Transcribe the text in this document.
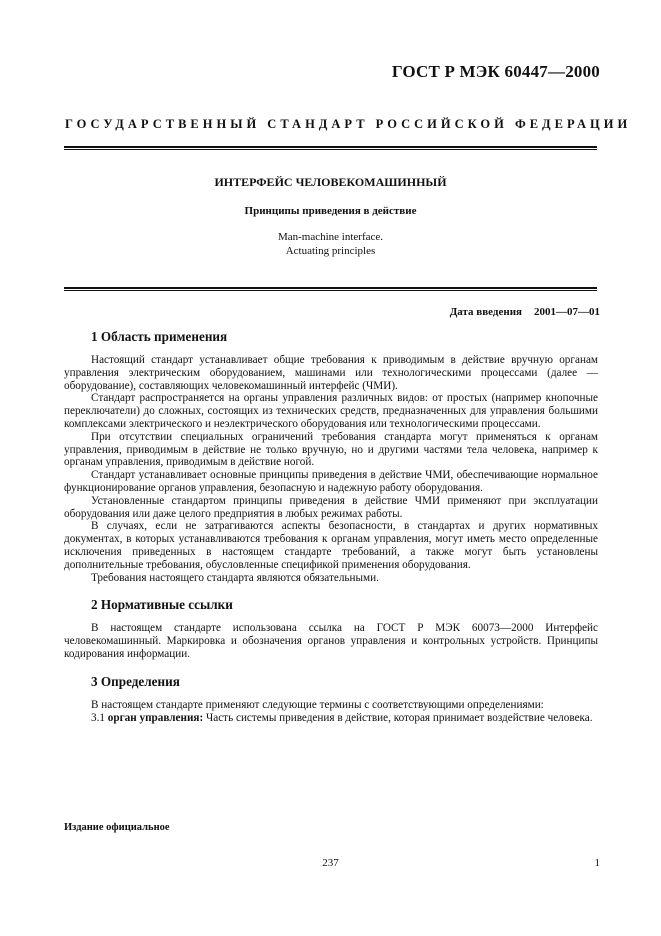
ГОСТ Р МЭК 60447—2000
ГОСУДАРСТВЕННЫЙ СТАНДАРТ РОССИЙСКОЙ ФЕДЕРАЦИИ
ИНТЕРФЕЙС ЧЕЛОВЕКОМАШИННЫЙ
Принципы приведения в действие
Man-machine interface.
Actuating principles
Дата введения 2001—07—01
1 Область применения

Настоящий стандарт устанавливает общие требования к приводимым в действие вручную органам управления электрическим оборудованием, машинами или технологическими процессами (далее — оборудование), составляющих человекомашинный интерфейс (ЧМИ).

Стандарт распространяется на органы управления различных видов: от простых (например кнопочные переключатели) до сложных, состоящих из технических средств, предназначенных для управления большими комплексами электрического и неэлектрического оборудования или технологическими процессами.

При отсутствии специальных ограничений требования стандарта могут применяться к органам управления, приводимым в действие не только вручную, но и другими частями тела человека, например к органам управления, приводимым в действие ногой.

Стандарт устанавливает основные принципы приведения в действие ЧМИ, обеспечивающие нормальное функционирование органов управления, безопасную и надежную работу оборудования.

Установленные стандартом принципы приведения в действие ЧМИ применяют при эксплуатации оборудования или даже целого предприятия в любых режимах работы.

В случаях, если не затрагиваются аспекты безопасности, в стандартах и других нормативных документах, в которых устанавливаются требования к органам управления, могут иметь место определенные исключения приведенных в настоящем стандарте требований, а также могут быть установлены дополнительные требования, обусловленные спецификой применения оборудования.

Требования настоящего стандарта являются обязательными.

2 Нормативные ссылки

В настоящем стандарте использована ссылка на ГОСТ Р МЭК 60073—2000 Интерфейс человекомашинный. Маркировка и обозначения органов управления и контрольных устройств. Принципы кодирования информации.

3 Определения

В настоящем стандарте применяют следующие термины с соответствующими определениями:

3.1 орган управления: Часть системы приведения в действие, которая принимает воздействие человека.

Издание официальное
237	1
